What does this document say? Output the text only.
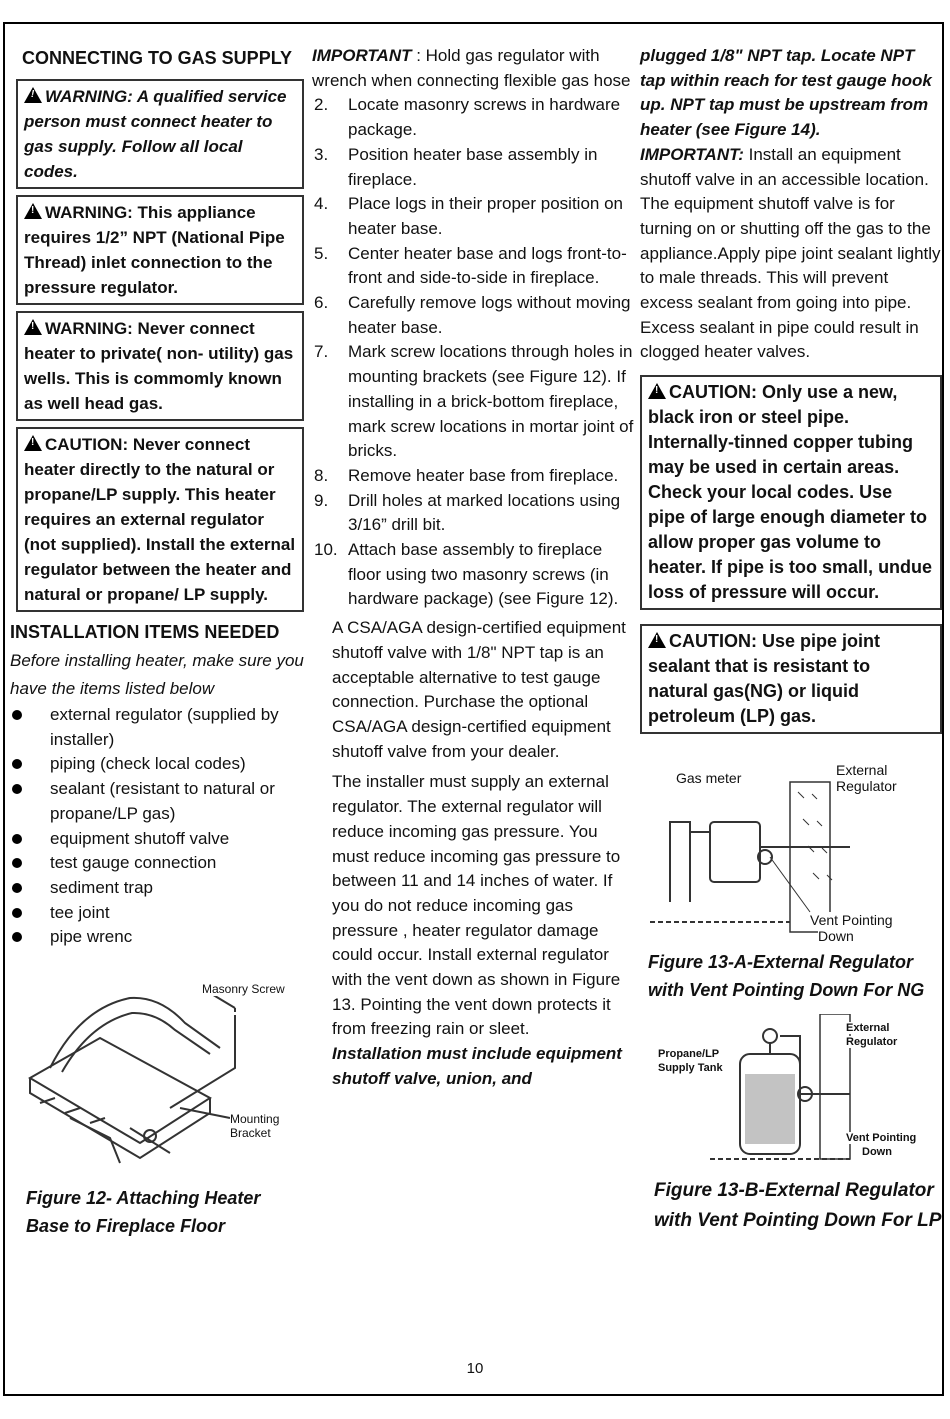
CONNECTING TO GAS SUPPLY
!WARNING: A qualified service person must connect heater to gas supply. Follow all local codes.
!WARNING: This appliance requires 1/2” NPT (National Pipe Thread) inlet connection to the pressure regulator.
!WARNING: Never connect heater to private( non- utility) gas wells. This is commomly known as well head gas.
!CAUTION: Never connect heater directly to the natural or propane/LP supply. This heater requires an external regulator (not supplied). Install the external regulator between the heater and natural or propane/ LP supply.
INSTALLATION ITEMS NEEDED

Before installing heater, make sure you have the items listed below

external regulator (supplied by installer)
piping (check local codes)
sealant (resistant to natural or propane/LP gas)
equipment shutoff valve
test gauge connection
sediment trap
tee joint
pipe wrenc
Masonry Screw
Mounting Bracket
Figure 12- Attaching Heater Base to Fireplace Floor

IMPORTANT : Hold gas regulator with wrench when connecting flexible gas hose

2. Locate masonry screws in hardware package.
3. Position heater base assembly in fireplace.
4. Place logs in their proper position on heater base.
5. Center heater base and logs front-to-front and side-to-side in fireplace.
6. Carefully remove logs without moving heater base.
7. Mark screw locations through holes in mounting brackets (see Figure 12). If installing in a brick-bottom fireplace, mark screw locations in mortar joint of bricks.
8. Remove heater base from fireplace.
9. Drill holes at marked locations using 3/16” drill bit.
10. Attach base assembly to fireplace floor using two masonry screws (in hardware package) (see Figure 12).

A CSA/AGA design-certified equipment shutoff valve with 1/8" NPT tap is an acceptable alternative to test gauge connection. Purchase the optional CSA/AGA design-certified equipment shutoff valve from your dealer.

The installer must supply an external regulator. The external regulator will reduce incoming gas pressure. You must reduce incoming gas pressure to between 11 and 14 inches of water. If you do not reduce incoming gas pressure , heater regulator damage could occur. Install external regulator with the vent down as shown in Figure 13. Pointing the vent down protects it from freezing rain or sleet.

Installation must include equipment shutoff valve, union, and

plugged 1/8" NPT tap. Locate NPT tap within reach for test gauge hook up. NPT tap must be upstream from heater (see Figure 14).

IMPORTANT: Install an equipment shutoff valve in an accessible location. The equipment shutoff valve is for turning on or shutting off the gas to the appliance.Apply pipe joint sealant lightly to male threads. This will prevent excess sealant from going into pipe. Excess sealant in pipe could result in clogged heater valves.

!CAUTION: Only use a new, black iron or steel pipe. Internally-tinned copper tubing may be used in certain areas. Check your local codes. Use pipe of large enough diameter to allow proper gas volume to heater. If pipe is too small, undue loss of pressure will occur.
!CAUTION: Use pipe joint sealant that is resistant to natural gas(NG) or liquid petroleum (LP) gas.
Gas meter	External
Regulator
Vent Pointing
Down
Figure 13-A-External Regulator with Vent Pointing Down For NG
Propane/LP
Supply Tank
External
Regulator
Vent Pointing
Down
Figure 13-B-External Regulator with Vent Pointing Down For LP
10
